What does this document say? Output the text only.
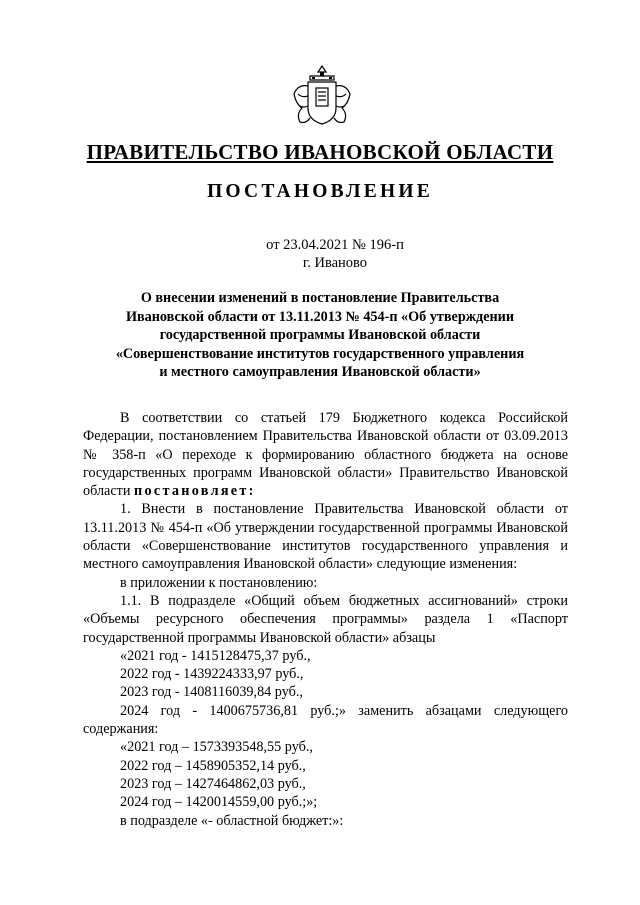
ПРАВИТЕЛЬСТВО ИВАНОВСКОЙ ОБЛАСТИ
ПОСТАНОВЛЕНИЕ
от 23.04.2021 № 196-п
г. Иваново
О внесении изменений в постановление Правительства
Ивановской области от 13.11.2013 № 454-п «Об утверждении
государственной программы Ивановской области
«Совершенствование институтов государственного управления
и местного самоуправления Ивановской области»

В соответствии со статьей 179 Бюджетного кодекса Российской Федерации, постановлением Правительства Ивановской области от 03.09.2013 № 358-п «О переходе к формированию областного бюджета на основе государственных программ Ивановской области» Правительство Ивановской области постановляет:

1. Внести в постановление Правительства Ивановской области от 13.11.2013 № 454-п «Об утверждении государственной программы Ивановской области «Совершенствование институтов государственного управления и местного самоуправления Ивановской области» следующие изменения:

в приложении к постановлению:

1.1. В подразделе «Общий объем бюджетных ассигнований» строки «Объемы ресурсного обеспечения программы» раздела 1 «Паспорт государственной программы Ивановской области» абзацы

«2021 год - 1415128475,37 руб.,

2022 год - 1439224333,97 руб.,

2023 год - 1408116039,84 руб.,

2024 год - 1400675736,81 руб.;» заменить абзацами следующего содержания:

«2021 год – 1573393548,55 руб.,

2022 год – 1458905352,14 руб.,

2023 год – 1427464862,03 руб.,

2024 год – 1420014559,00 руб.;»;

в подразделе «- областной бюджет:»:
